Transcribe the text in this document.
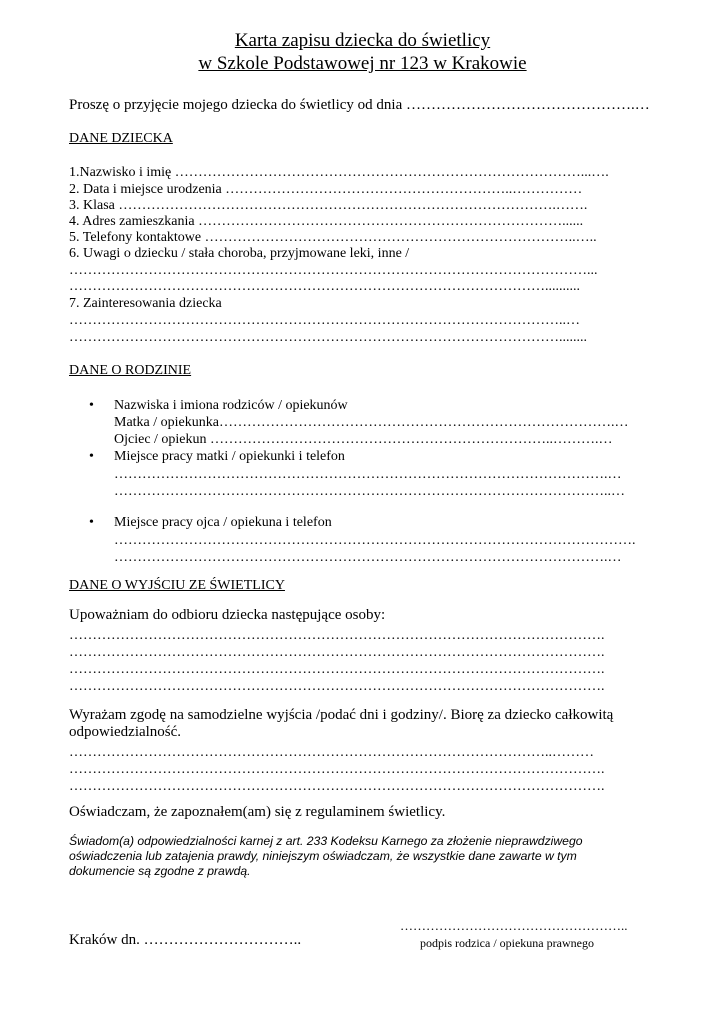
Karta zapisu dziecka do świetlicy
w Szkole Podstawowej nr 123 w Krakowie
Proszę o przyjęcie mojego dziecka do świetlicy od dnia ……………………………………….…
DANE DZIECKA
1.Nazwisko i imię ……………………………………………………………………………...….
2. Data i miejsce urodzenia ……………………………………………………..……………
3. Klasa ………………………………………………………………………………….…….
4. Adres zamieszkania ……………………………………………………………………......
5. Telefony kontaktowe ……………………………………………………………………..…..
6. Uwagi o dziecku / stała choroba, przyjmowane leki, inne /
…………………………………………………………………………………………………...
…………………………………………………………………………………………..........
7. Zainteresowania dziecka
……………………………………………………………………………………………..…
……………………………………………………………………………………………........
DANE O RODZINIE
• Nazwiska i imiona rodziców / opiekunów
Matka / opiekunka………………………………………………………………………….…
Ojciec / opiekun ………………………………………………………………..……….…
• Miejsce pracy matki / opiekunki i telefon
…………………………………………………………………………………………….…
……………………………………………………………………………………………..…
• Miejsce pracy ojca / opiekuna i telefon
………………………………………………………………………………………………….
…………………………………………………………………………………………….…
DANE O WYJŚCIU ZE ŚWIETLICY
Upoważniam do odbioru dziecka następujące osoby:
…………………………………………………………………………………………………….
…………………………………………………………………………………………………….
…………………………………………………………………………………………………….
…………………………………………………………………………………………………….
Wyrażam zgodę na samodzielne wyjścia /podać dni i godziny/. Biorę za dziecko całkowitą
odpowiedzialność.
…………………………………………………………………………………………..………
…………………………………………………………………………………………………….
…………………………………………………………………………………………………….
Oświadczam, że zapoznałem(am) się z regulaminem świetlicy.
Świadom(a) odpowiedzialności karnej z art. 233 Kodeksu Karnego za złożenie nieprawdziwego
oświadczenia lub zatajenia prawdy, niniejszym oświadczam, że wszystkie dane zawarte w tym
dokumencie są zgodne z prawdą.
……………………………………………..
Kraków dn. …………………………..	podpis rodzica / opiekuna prawnego
